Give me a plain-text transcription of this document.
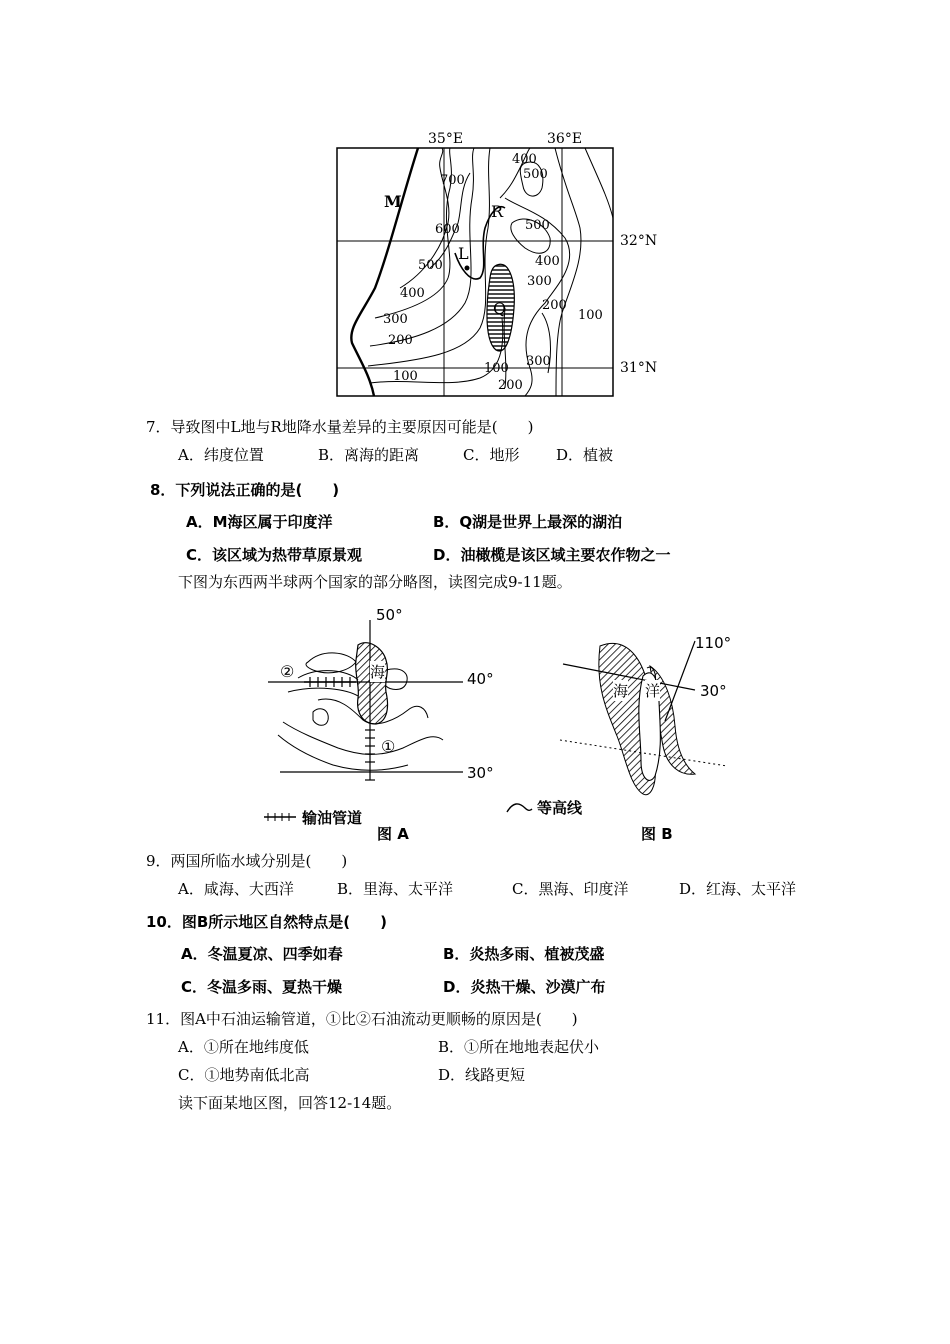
35°E	36°E
32°N
31°N
M
R
L
Q
700
400
500
500
600
500	400
400
300
300
200
200
100
100
100
300
200
7．导致图中L地与R地降水量差异的主要原因可能是(　　)
A．纬度位置	B．离海的距离	C．地形 D．植被
8．下列说法正确的是(　　)
A．M海区属于印度洋	B．Q湖是世界上最深的湖泊
C．该区域为热带草原景观	D．油橄榄是该区域主要农作物之一
下图为东西两半球两个国家的部分略图，读图完成9-11题。
50°
40°
30°
②
①
海
输油管道
图 A
110°
30°
海 洋
等高线
图 B
9．两国所临水域分别是(　　)
A．咸海、大西洋	B．里海、太平洋	C．黑海、印度洋	D．红海、太平洋
10．图B所示地区自然特点是(　　)
A．冬温夏凉、四季如春	B．炎热多雨、植被茂盛
C．冬温多雨、夏热干燥	D．炎热干燥、沙漠广布
11．图A中石油运输管道，①比②石油流动更顺畅的原因是(　　)
A．①所在地纬度低	B．①所在地地表起伏小
C．①地势南低北高	D．线路更短
读下面某地区图，回答12-14题。
